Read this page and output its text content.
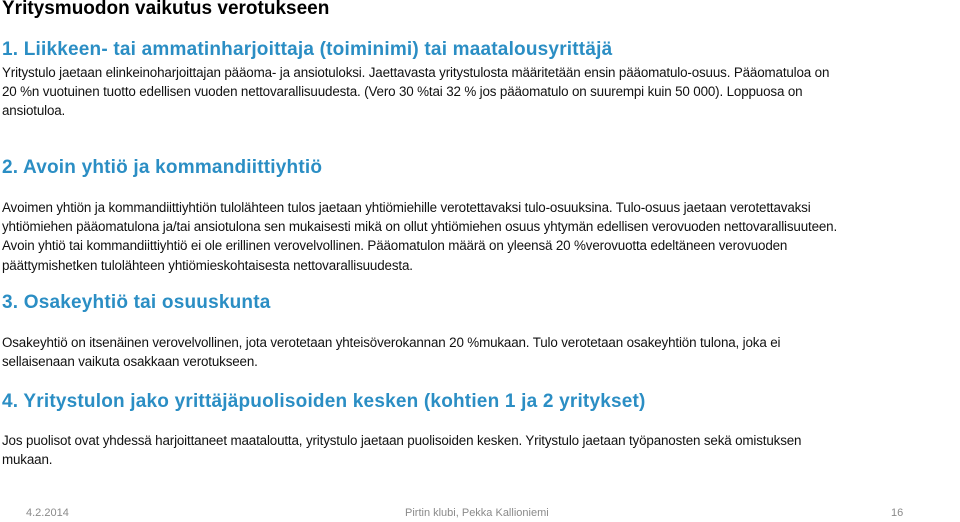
Yritysmuodon vaikutus verotukseen
1. Liikkeen- tai ammatinharjoittaja (toiminimi) tai maatalousyrittäjä
Yritystulo jaetaan elinkeinoharjoittajan pääoma- ja ansiotuloksi. Jaettavasta yritystulosta määritetään ensin pääomatulo-osuus. Pääomatuloa on
20 %n vuotuinen tuotto edellisen vuoden nettovarallisuudesta. (Vero 30 %tai 32 % jos pääomatulo on suurempi kuin 50 000). Loppuosa on
ansiotuloa.
2. Avoin yhtiö ja kommandiittiyhtiö
Avoimen yhtiön ja kommandiittiyhtiön tulolähteen tulos jaetaan yhtiömiehille verotettavaksi tulo-osuuksina. Tulo-osuus jaetaan verotettavaksi
yhtiömiehen pääomatulona ja/tai ansiotulona sen mukaisesti mikä on ollut yhtiömiehen osuus yhtymän edellisen verovuoden nettovarallisuuteen.
Avoin yhtiö tai kommandiittiyhtiö ei ole erillinen verovelvollinen. Pääomatulon määrä on yleensä 20 %verovuotta edeltäneen verovuoden
päättymishetken tulolähteen yhtiömieskohtaisesta nettovarallisuudesta.
3. Osakeyhtiö tai osuuskunta
Osakeyhtiö on itsenäinen verovelvollinen, jota verotetaan yhteisöverokannan 20 %mukaan. Tulo verotetaan osakeyhtiön tulona, joka ei
sellaisenaan vaikuta osakkaan verotukseen.
4. Yritystulon jako yrittäjäpuolisoiden kesken (kohtien 1 ja 2 yritykset)
Jos puolisot ovat yhdessä harjoittaneet maataloutta, yritystulo jaetaan puolisoiden kesken. Yritystulo jaetaan työpanosten sekä omistuksen
mukaan.
4.2.2014	Pirtin klubi, Pekka Kallioniemi	16
